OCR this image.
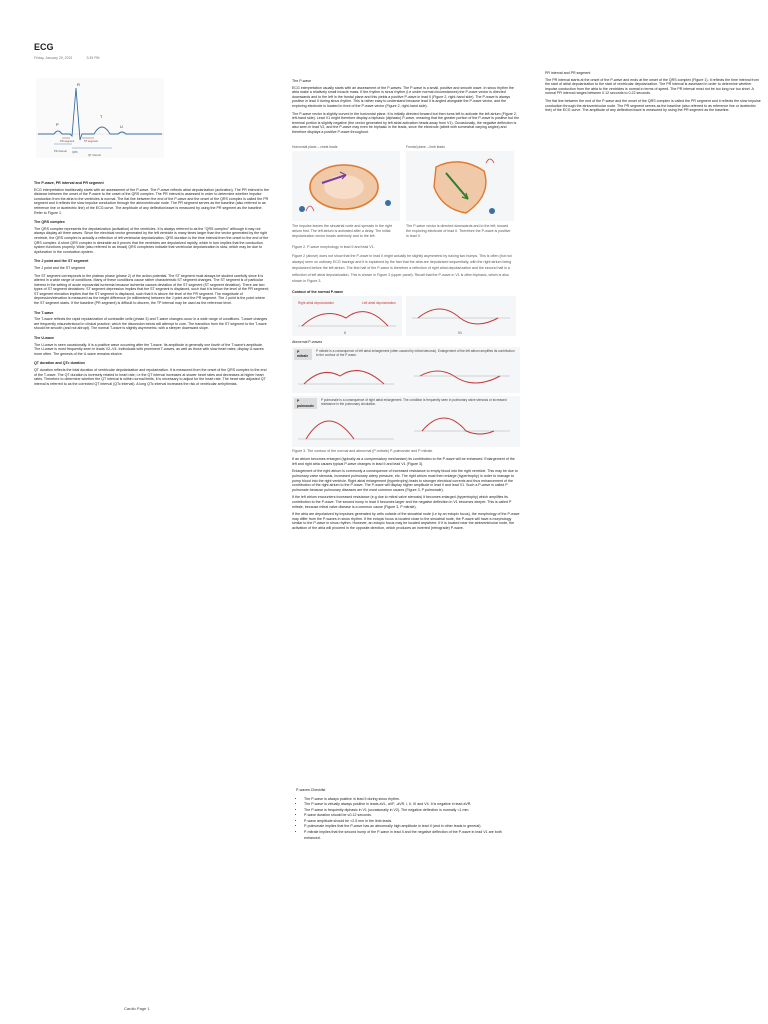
ECG
Friday, January 29, 2021	3:39 PM
R
P
T
U
PR segment	ST segment
PR interval QRS
QT interval
The P-wave, PR interval and PR segment

ECG interpretation traditionally starts with an assessment of the P-wave. The P-wave reflects atrial depolarization (activation). The PR interval is the distance between the onset of the P-wave to the onset of the QRS complex. The PR interval is assessed in order to determine whether impulse conduction from the atria to the ventricles is normal. The flat line between the end of the P-wave and the onset of the QRS complex is called the PR segment and it reflects the slow impulse conduction through the atrioventricular node. The PR segment serves as the baseline (also referred to as reference line or isoelectric line) of the ECG curve. The amplitude of any deflection/wave is measured by using the PR segment as the baseline. Refer to Figure 1.

The QRS complex

The QRS complex represents the depolarization (activation) of the ventricles. It is always referred to as the "QRS complex" although it may not always display all three waves. Since the electrical vector generated by the left ventricle is many times larger than the vector generated by the right ventricle, the QRS complex is actually a reflection of left ventricular depolarization. QRS duration is the time interval from the onset to the end of the QRS complex. A short QRS complex is desirable as it proves that the ventricles are depolarized rapidly, which in turn implies that the conduction system functions properly. Wide (also referred to as broad) QRS complexes indicate that ventricular depolarization is slow, which may be due to dysfunction in the conduction system.

The J point and the ST segment

The J point and the ST segment

The ST segment corresponds to the plateau phase (phase 2) of the action potential. The ST segment must always be studied carefully since it is altered in a wide range of conditions. Many of these conditions cause rather characteristic ST segment changes. The ST segment is of particular interest in the setting of acute myocardial ischemia because ischemia causes deviation of the ST segment (ST segment deviation). There are two types of ST segment deviations: ST segment depression implies that the ST segment is displaced, such that it is below the level of the PR segment; ST segment elevation implies that the ST segment is displaced, such that it is above the level of the PR segment. The magnitude of depression/elevation is measured as the height difference (in millimeters) between the J point and the PR segment. The J point is the point where the ST segment starts. If the baseline (PR segment) is difficult to discern, the TP interval may be used as the reference level.

The T-wave

The T-wave reflects the rapid repolarization of contractile cells (phase 3) and T-wave changes occur in a wide range of conditions. T-wave changes are frequently misunderstood in clinical practice, which the discussion below will attempt to cure. The transition from the ST segment to the T-wave should be smooth (and not abrupt). The normal T-wave is slightly asymmetric, with a steeper downward slope.

The U-wave

The U-wave is seen occasionally. It is a positive wave occurring after the T-wave. Its amplitude is generally one fourth of the T-wave's amplitude. The U-wave is most frequently seen in leads V2–V4. Individuals with prominent T-waves, as well as those with slow heart rates, display U-waves more often. The genesis of the U-wave remains elusive.

QT duration and QTc duration

QT duration reflects the total duration of ventricular depolarization and repolarization. It is measured from the onset of the QRS complex to the end of the T-wave. The QT duration is inversely related to heart rate; i.e the QT interval increases at slower heart rates and decreases at higher heart rates. Therefore to determine whether the QT interval is within normal limits, it is necessary to adjust for the heart rate. The heart rate adjusted QT interval is referred to as the corrected QT interval (QTc interval). A long QTc interval increases the risk of ventricular arrhythmias.

The P-wave

ECG interpretation usually starts with an assessment of the P-waves. The P-wave is a small, positive and smooth wave. In sinus rhythm the atria make a relatively small muscle mass. If the rhythm is sinus rhythm (i.e under normal circumstances) the P-wave vector is directed downwards and to the left in the frontal plane and this yields a positive P-wave in lead II (Figure 2, right-hand side). The P-wave is always positive in lead II during sinus rhythm. This is rather easy to understand because lead II is angled alongside the P-wave vector, and the exploring electrode is located in front of the P-wave vector (Figure 2, right-hand side).

The P-wave vector is slightly curved in the horizontal plane. It is initially directed forward but then turns left to activate the left atrium (Figure 2, left-hand side). Lead V1 might therefore display a biphasic (diphasic) P-wave, meaning that the greater portion of the P-wave is positive but the terminal portion is slightly negative (the vector generated by left atrial activation heads away from V1). Occasionally, the negative deflection is also seen in lead V2, and the P-wave may even be biphasic in the leads, since the electrode (albeit with somewhat varying angles) and therefore displays a positive P-wave throughout.

Horizontal plane – chest leads
The impulse leaves the sinoatrial node and spreads in the right atrium first. The left atrium is activated after a delay. The initial depolarization vector heads anteriorly and to the left.
Frontal plane – limb leads
The P-wave vector is directed downwards and to the left, toward the exploring electrode of lead II. Therefore the P-wave is positive in lead II.
Figure 2. P-wave morphology in lead II and lead V1.

Figure 2 (above) does not show that the P-wave in lead II might actually be slightly asymmetric by having two humps. This is often (but not always) seen on ordinary ECG tracings and it is explained by the fact that the atria are depolarized sequentially, with the right atrium being depolarized before the left atrium. The first half of the P-wave is therefore a reflection of right atrial depolarization and the second half is a reflection of left atrial depolarization. This is shown in Figure 3 (upper panel). Recall that the P-wave in V1 is often biphasic, which is also shown in Figure 3.

Contour of the normal P-wave
Right atrial depolarization	Left atrial depolarization
II	V1
Abnormal P-waves
P mitrale
P mitrale is a consequence of left atrial enlargement (often caused by mitral stenosis). Enlargement of the left atrium amplifies its contribution to the contour of the P-wave.
P pulmonale
P pulmonale is a consequence of right atrial enlargement. The condition is frequently seen in pulmonary valve stenosis or increased resistance in the pulmonary circulation.
Figure 3. The contour of the normal and abnormal (P-mitrale) P-pulmonale and P mitrale.

If an atrium becomes enlarged (typically as a compensatory mechanism) its contribution to the P-wave will be enhanced. Enlargement of the left and right atria causes typical P-wave changes in lead II and lead V1 (Figure 3).

Enlargement of the right atrium is commonly a consequence of increased resistance to empty blood into the right ventricle. This may be due to pulmonary valve stenosis, increased pulmonary artery pressure, etc. The right atrium must then enlarge (hypertrophy) in order to manage to pump blood into the right ventricle. Right atrial enlargement (hypertrophy) leads to stronger electrical currents and thus enhancement of the contribution of the right atrium to the P-wave. The P-wave will display higher amplitude in lead II and lead V1. Such a P-wave is called P pulmonale because pulmonary diseases are the most common causes (Figure 3, P pulmonale).

If the left atrium encounters increased resistance (e.g due to mitral valve stenosis) it becomes enlarged (hypertrophy) which amplifies its contribution to the P-wave. The second hump in lead II becomes larger and the negative deflection in V1 becomes deeper. This is called P mitrale, because mitral valve disease is a common cause (Figure 3, P mitrale).

If the atria are depolarized by impulses generated by cells outside of the sinoatrial node (i.e by an ectopic focus), the morphology of the P-wave may differ from the P-waves in sinus rhythm. If the ectopic focus is located close to the sinoatrial node, the P-wave will have a morphology similar to the P-wave in sinus rhythm. However, an ectopic focus may be located anywhere. If it is located near the atrioventricular node, the activation of the atria will proceed in the opposite direction, which produces an inverted (retrograde) P-wave.

P-waves Checklist
• The P-wave is always positive in lead II during sinus rhythm.
• The P-wave is virtually always positive in leads aVL, aVF, -aVR, I, II, III and V4. It is negative in lead aVR.
• The P-wave is frequently diphasic in V1 (occasionally in V2). The negative deflection is normally <1 mm.
• P-wave duration should be ≤0.12 seconds.
• P-wave amplitude should be <2.5 mm in the limb leads.
• P-pulmonale implies that the P-wave has an abnormally high amplitude in lead II (and in other leads in general).
• P-mitrale implies that the second hump of the P-wave in lead II and the negative deflection of the P-wave in lead V1 are both enhanced.
PR interval and PR segment

The PR interval starts at the onset of the P-wave and ends at the onset of the QRS complex (Figure 1). It reflects the time interval from the start of atrial depolarization to the start of ventricular depolarization. The PR interval is assessed in order to determine whether impulse conduction from the atria to the ventricles is normal in terms of speed. The PR interval must not be too long nor too short. A normal PR interval ranges between 0.12 seconds to 0.22 seconds.

The flat line between the end of the P-wave and the onset of the QRS complex is called the PR segment and it reflects the slow impulse conduction through the atrioventricular node. The PR segment serves as the baseline (also referred to as reference line or isoelectric line) of the ECG curve. The amplitude of any deflection/wave is measured by using the PR segment as the baseline.

Cardio Page 1
